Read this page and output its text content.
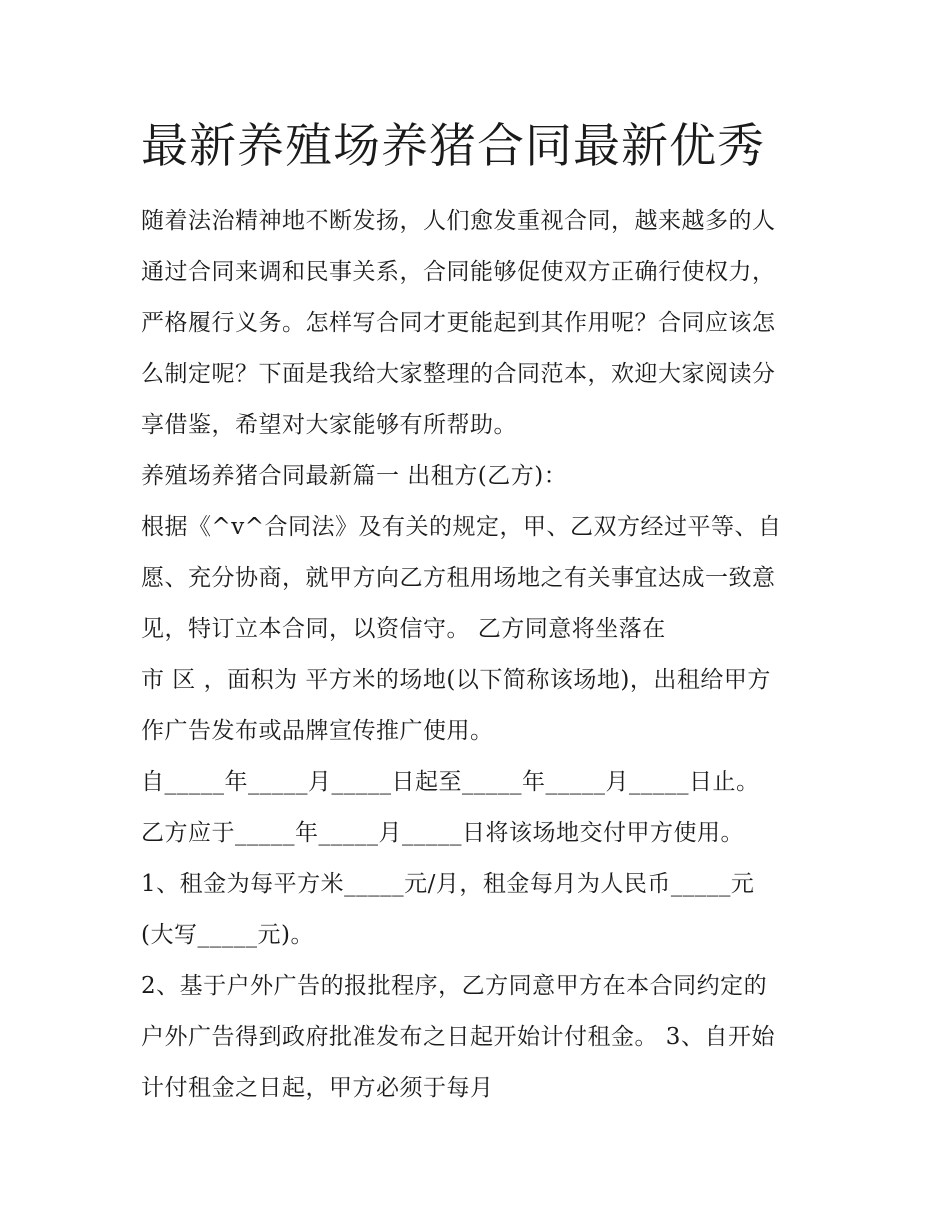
最新养殖场养猪合同最新优秀
随着法治精神地不断发扬，人们愈发重视合同，越来越多的人
通过合同来调和民事关系，合同能够促使双方正确行使权力，
严格履行义务。怎样写合同才更能起到其作用呢？合同应该怎
么制定呢？下面是我给大家整理的合同范本，欢迎大家阅读分
享借鉴，希望对大家能够有所帮助。
养殖场养猪合同最新篇一 出租方(乙方)：
根据《^v^合同法》及有关的规定，甲、乙双方经过平等、自
愿、充分协商，就甲方向乙方租用场地之有关事宜达成一致意
见，特订立本合同，以资信守。 乙方同意将坐落在
市 区 ，面积为 平方米的场地(以下简称该场地)，出租给甲方
作广告发布或品牌宣传推广使用。
自_____年_____月_____日起至_____年_____月_____日止。
乙方应于_____年_____月_____日将该场地交付甲方使用。
1、租金为每平方米_____元/月，租金每月为人民币_____元
(大写_____元)。
2、基于户外广告的报批程序，乙方同意甲方在本合同约定的
户外广告得到政府批准发布之日起开始计付租金。 3、自开始
计付租金之日起，甲方必须于每月
